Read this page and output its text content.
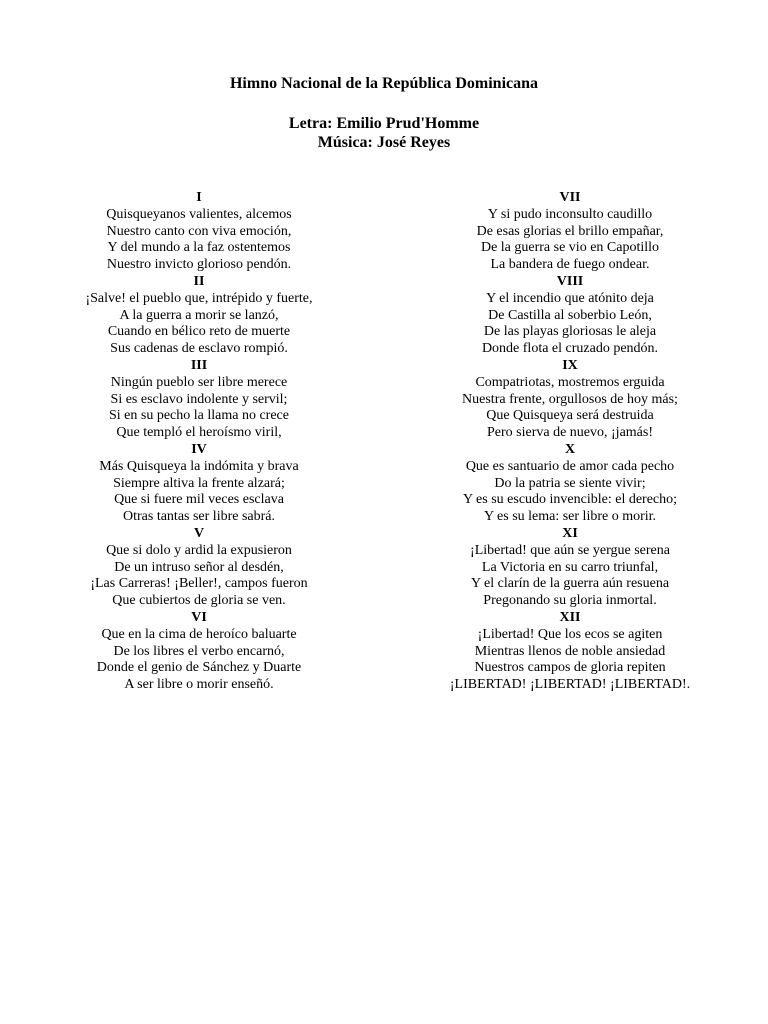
Himno Nacional de la República Dominicana
Letra: Emilio Prud'Homme
Música: José Reyes
I
Quisqueyanos valientes, alcemos
Nuestro canto con viva emoción,
Y del mundo a la faz ostentemos
Nuestro invicto glorioso pendón.
II
¡Salve! el pueblo que, intrépido y fuerte,
A la guerra a morir se lanzó,
Cuando en bélico reto de muerte
Sus cadenas de esclavo rompió.
III
Ningún pueblo ser libre merece
Si es esclavo indolente y servil;
Si en su pecho la llama no crece
Que templó el heroísmo viril,
IV
Más Quisqueya la indómita y brava
Siempre altiva la frente alzará;
Que si fuere mil veces esclava
Otras tantas ser libre sabrá.
V
Que si dolo y ardid la expusieron
De un intruso señor al desdén,
¡Las Carreras! ¡Beller!, campos fueron
Que cubiertos de gloria se ven.
VI
Que en la cima de heroíco baluarte
De los libres el verbo encarnó,
Donde el genio de Sánchez y Duarte
A ser libre o morir enseñó.
VII
Y si pudo inconsulto caudillo
De esas glorias el brillo empañar,
De la guerra se vio en Capotillo
La bandera de fuego ondear.
VIII
Y el incendio que atónito deja
De Castilla al soberbio León,
De las playas gloriosas le aleja
Donde flota el cruzado pendón.
IX
Compatriotas, mostremos erguida
Nuestra frente, orgullosos de hoy más;
Que Quisqueya será destruida
Pero sierva de nuevo, ¡jamás!
X
Que es santuario de amor cada pecho
Do la patria se siente vivir;
Y es su escudo invencible: el derecho;
Y es su lema: ser libre o morir.
XI
¡Libertad! que aún se yergue serena
La Victoria en su carro triunfal,
Y el clarín de la guerra aún resuena
Pregonando su gloria inmortal.
XII
¡Libertad! Que los ecos se agiten
Mientras llenos de noble ansiedad
Nuestros campos de gloria repiten
¡LIBERTAD! ¡LIBERTAD! ¡LIBERTAD!.
